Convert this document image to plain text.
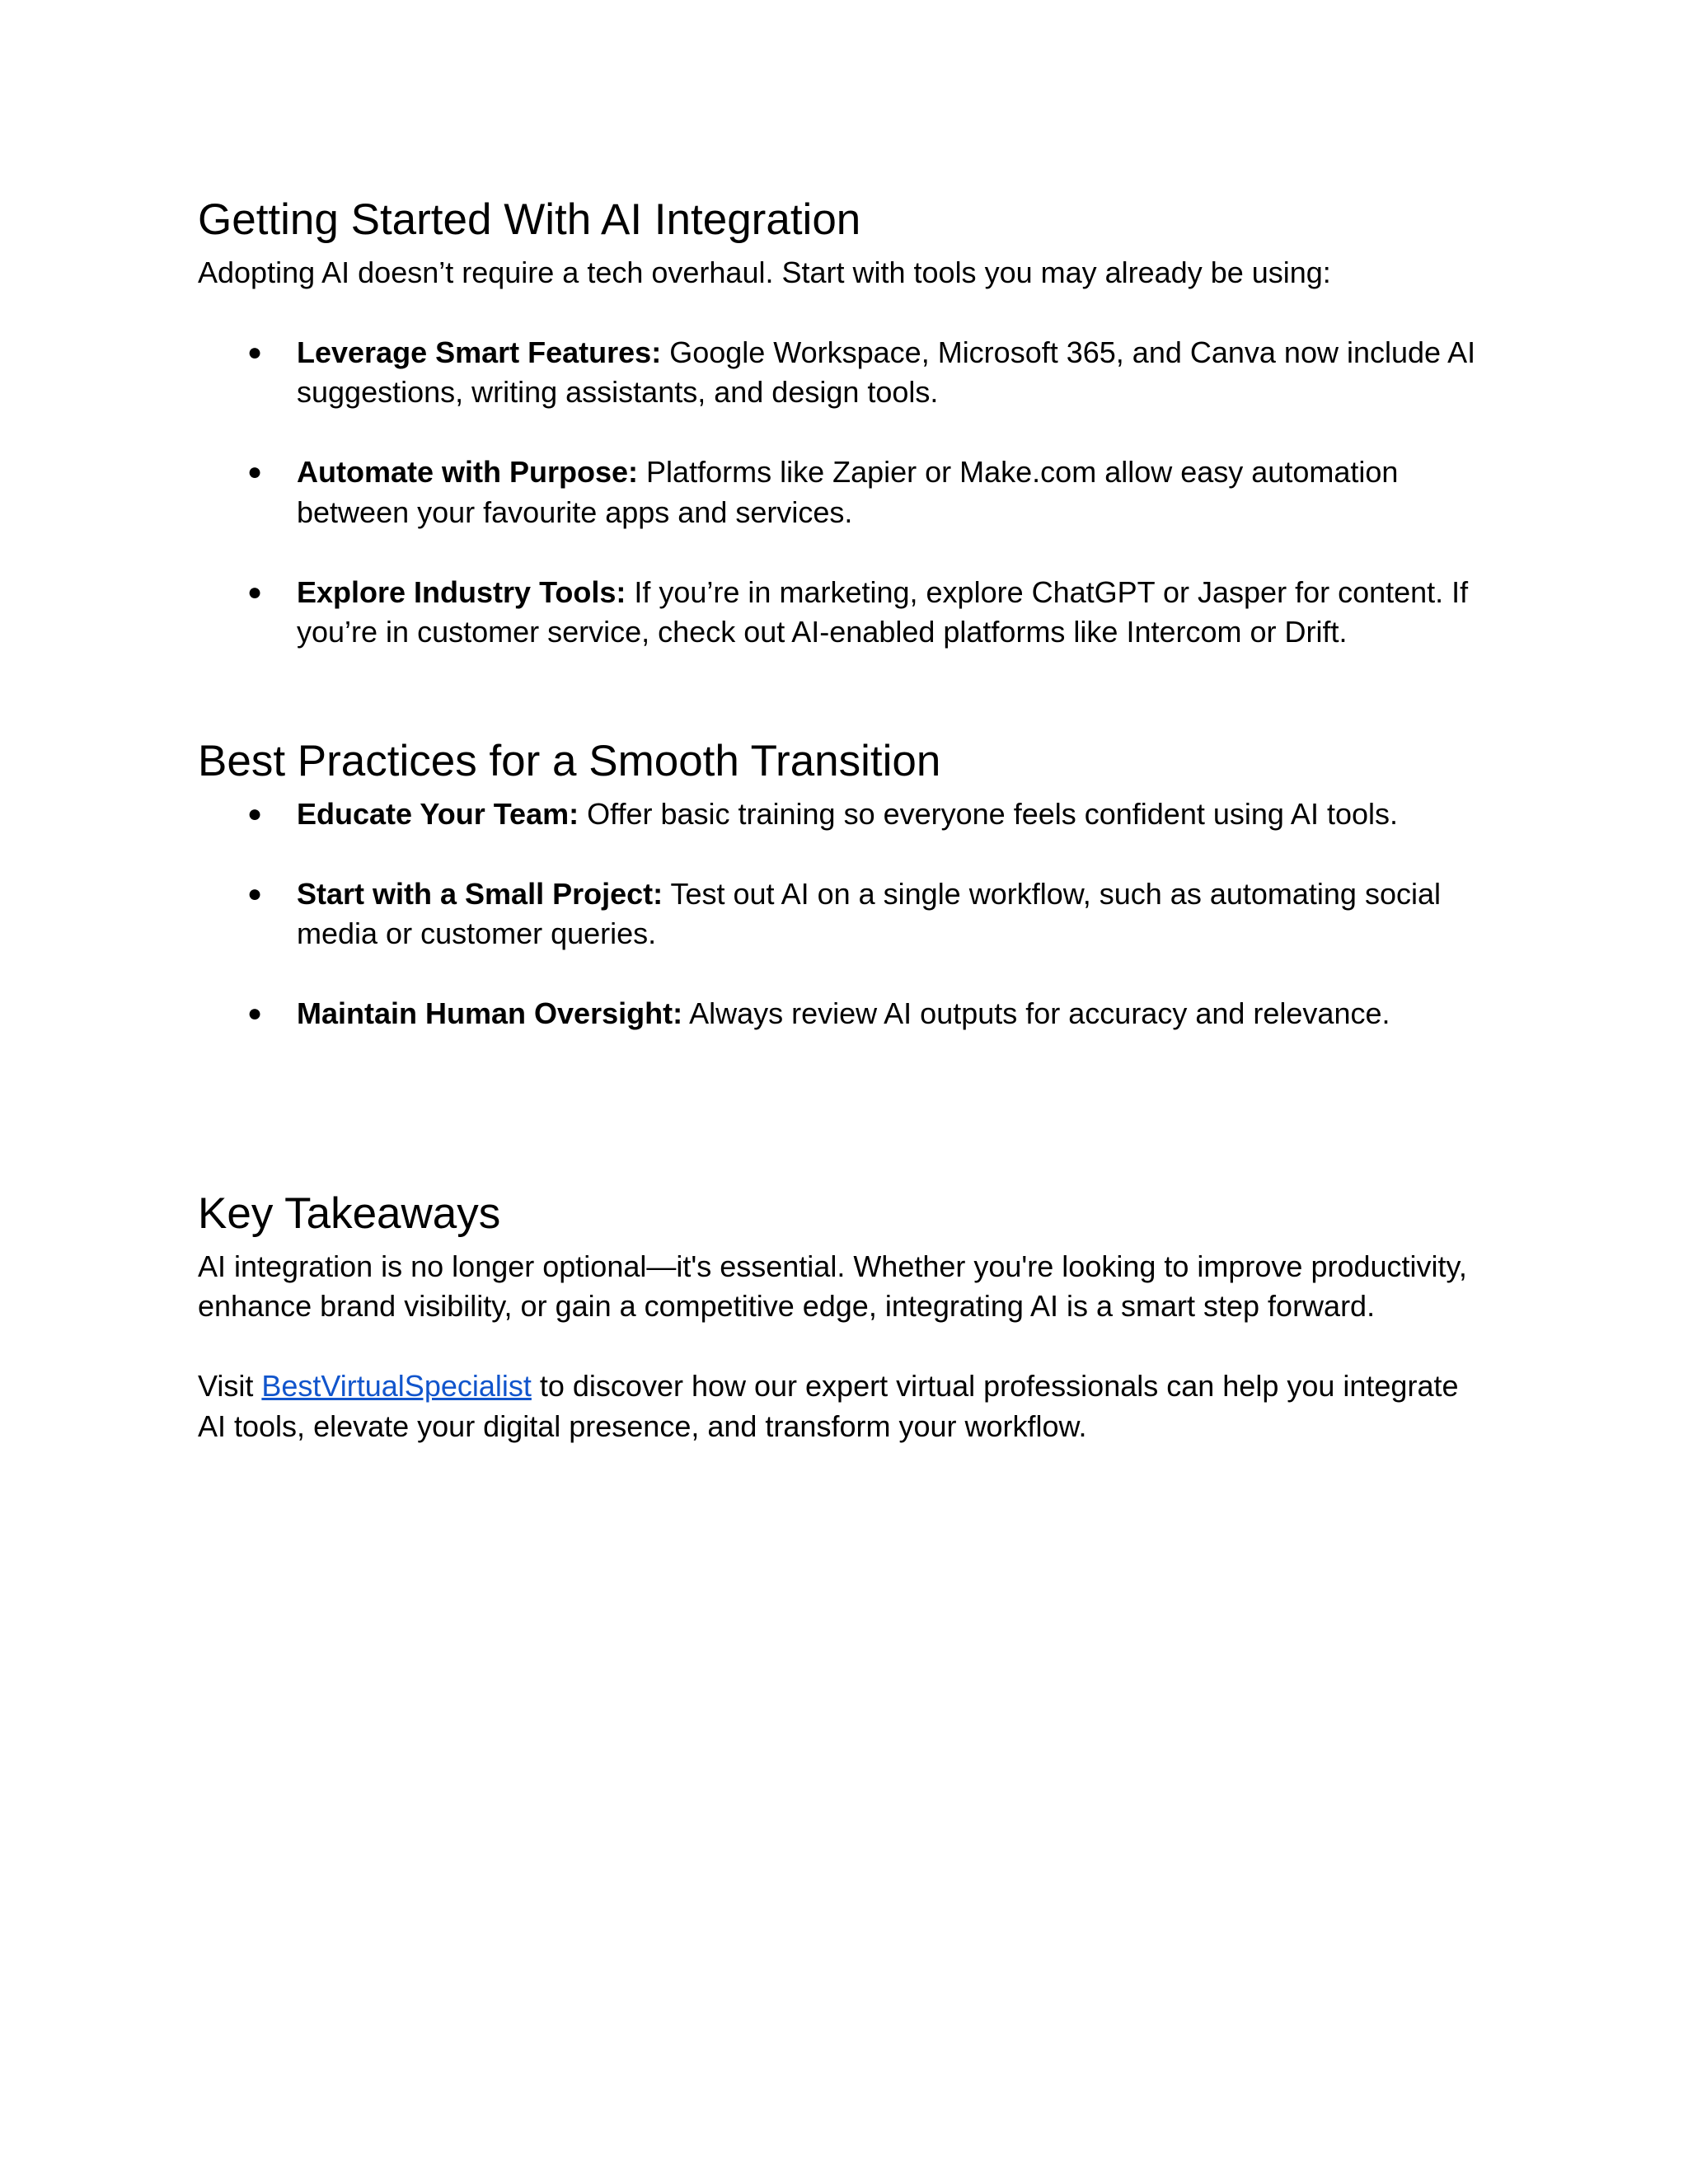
Getting Started With AI Integration

Adopting AI doesn’t require a tech overhaul. Start with tools you may already be using:

● Leverage Smart Features: Google Workspace, Microsoft 365, and Canva now include AI suggestions, writing assistants, and design tools.
● Automate with Purpose: Platforms like Zapier or Make.com allow easy automation between your favourite apps and services.
● Explore Industry Tools: If you’re in marketing, explore ChatGPT or Jasper for content. If you’re in customer service, check out AI-enabled platforms like Intercom or Drift.
Best Practices for a Smooth Transition
● Educate Your Team: Offer basic training so everyone feels confident using AI tools.
● Start with a Small Project: Test out AI on a single workflow, such as automating social media or customer queries.
● Maintain Human Oversight: Always review AI outputs for accuracy and relevance.
Key Takeaways

AI integration is no longer optional—it's essential. Whether you're looking to improve productivity, enhance brand visibility, or gain a competitive edge, integrating AI is a smart step forward.

Visit BestVirtualSpecialist to discover how our expert virtual professionals can help you integrate AI tools, elevate your digital presence, and transform your workflow.
